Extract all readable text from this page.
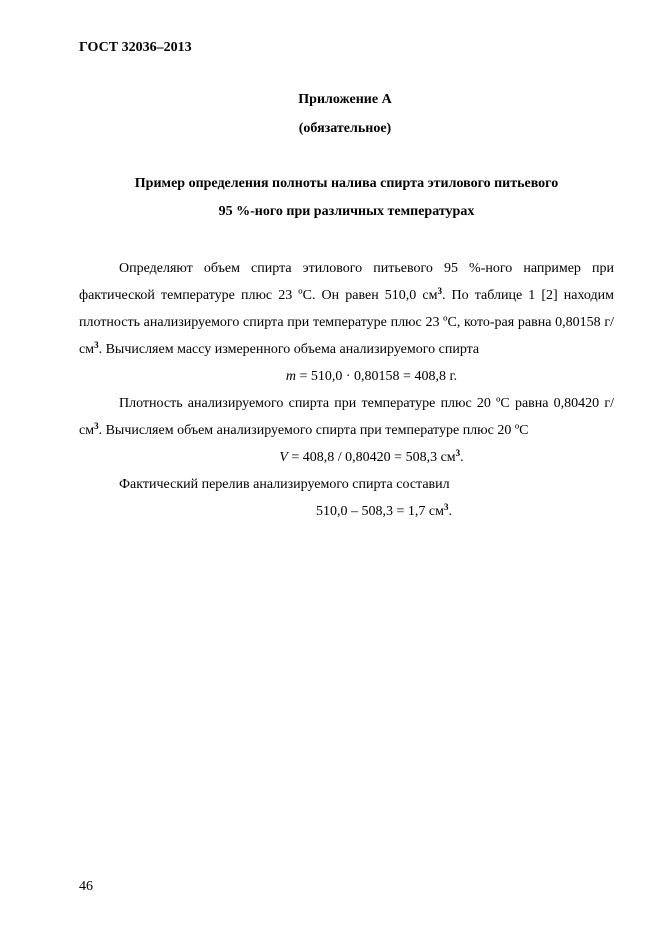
ГОСТ 32036–2013
Приложение А
(обязательное)
Пример определения полноты налива спирта этилового питьевого
95 %-ного при различных температурах

Определяют объем спирта этилового питьевого 95 %-ного например при фактической температуре плюс 23 ºС. Он равен 510,0 $см^3$. По таблице 1 [2] находим плотность анализируемого спирта при температуре плюс 23 ºС, кото-рая равна 0,80158 $г/см^3$. Вычисляем массу измеренного объема анализируемого спирта

m = 510,0 · 0,80158 = 408,8 г.

Плотность анализируемого спирта при температуре плюс 20 ºС равна 0,80420 $г/см^3$. Вычисляем объем анализируемого спирта при температуре плюс 20 ºС

V = 408,8 / 0,80420 = 508,3 $см^3$.

Фактический перелив анализируемого спирта составил

510,0 – 508,3 = 1,7 $см^3$.

46
